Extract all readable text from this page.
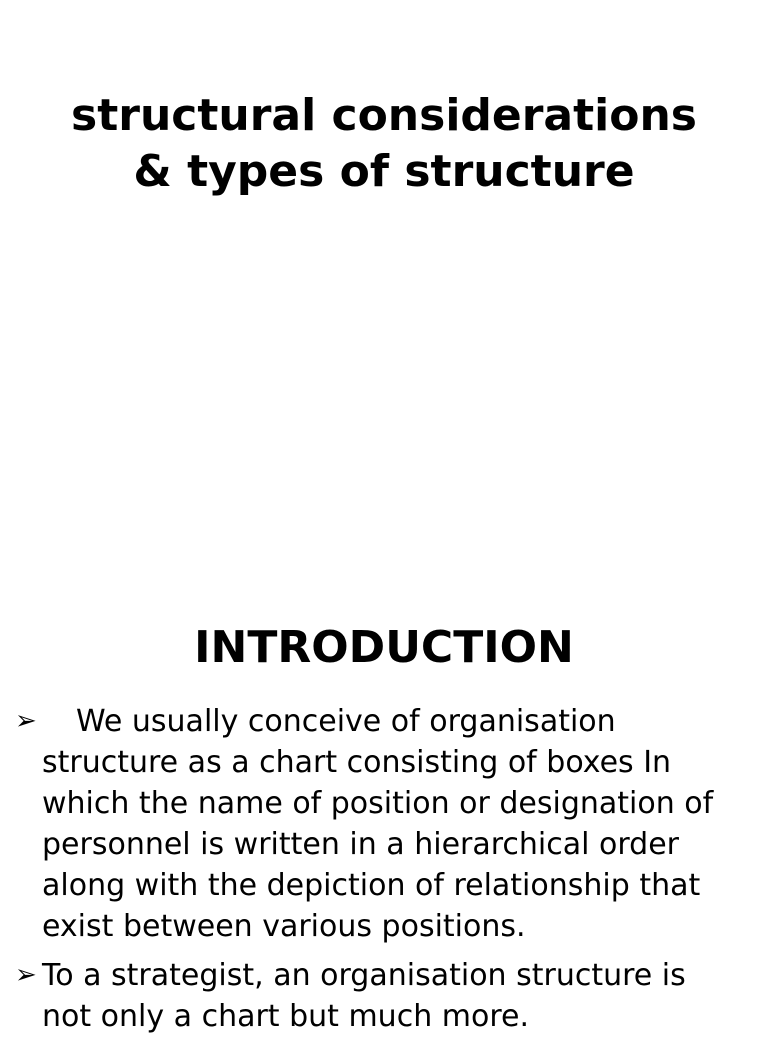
structural considerations
& types of structure
INTRODUCTION
➢ We usually conceive of organisation
structure as a chart consisting of boxes In
which the name of position or designation of
personnel is written in a hierarchical order
along with the depiction of relationship that
exist between various positions.
➢ To a strategist, an organisation structure is
not only a chart but much more.
